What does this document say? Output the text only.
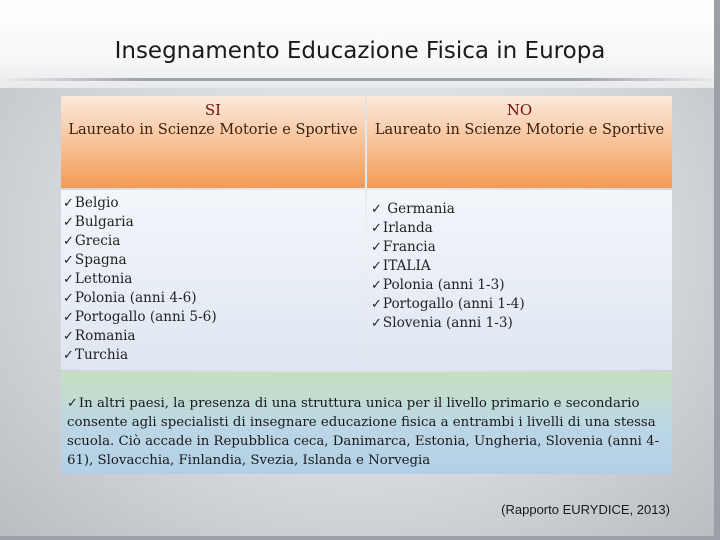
Insegnamento Educazione Fisica in Europa
SI
Laureato in Scienze Motorie e Sportive
NO
Laureato in Scienze Motorie e Sportive
✓Belgio
✓Bulgaria
✓Grecia
✓Spagna
✓Lettonia
✓Polonia (anni 4-6)
✓Portogallo (anni 5-6)
✓Romania
✓Turchia
✓ Germania
✓Irlanda
✓Francia
✓ITALIA
✓Polonia (anni 1-3)
✓Portogallo (anni 1-4)
✓Slovenia (anni 1-3)
✓In altri paesi, la presenza di una struttura unica per il livello primario e secondario consente agli specialisti di insegnare educazione fisica a entrambi i livelli di una stessa scuola. Ciò accade in Repubblica ceca, Danimarca, Estonia, Ungheria, Slovenia (anni 4-61), Slovacchia, Finlandia, Svezia, Islanda e Norvegia
(Rapporto EURYDICE, 2013)
